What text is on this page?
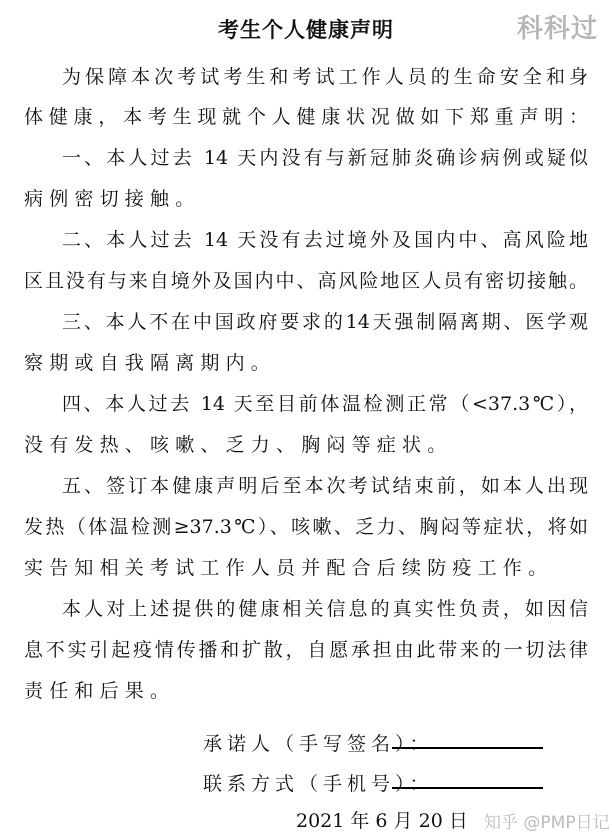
考生个人健康声明	科科过
为保障本次考试考生和考试工作人员的生命安全和身
体健康，本考生现就个人健康状况做如下郑重声明：
一、本人过去 14 天内没有与新冠肺炎确诊病例或疑似
病例密切接触。
二、本人过去 14 天没有去过境外及国内中、高风险地
区且没有与来自境外及国内中、高风险地区人员有密切接触。
三、本人不在中国政府要求的14天强制隔离期、医学观
察期或自我隔离期内。
四、本人过去 14 天至目前体温检测正常（<37.3℃），
没有发热、咳嗽、乏力、胸闷等症状。
五、签订本健康声明后至本次考试结束前，如本人出现
发热（体温检测≥37.3℃）、咳嗽、乏力、胸闷等症状，将如
实告知相关考试工作人员并配合后续防疫工作。
本人对上述提供的健康相关信息的真实性负责，如因信
息不实引起疫情传播和扩散，自愿承担由此带来的一切法律
责任和后果。
承诺人（手写签名）：
联系方式（手机号）：
2021 年 6 月 20 日 知乎 @PMP日记
